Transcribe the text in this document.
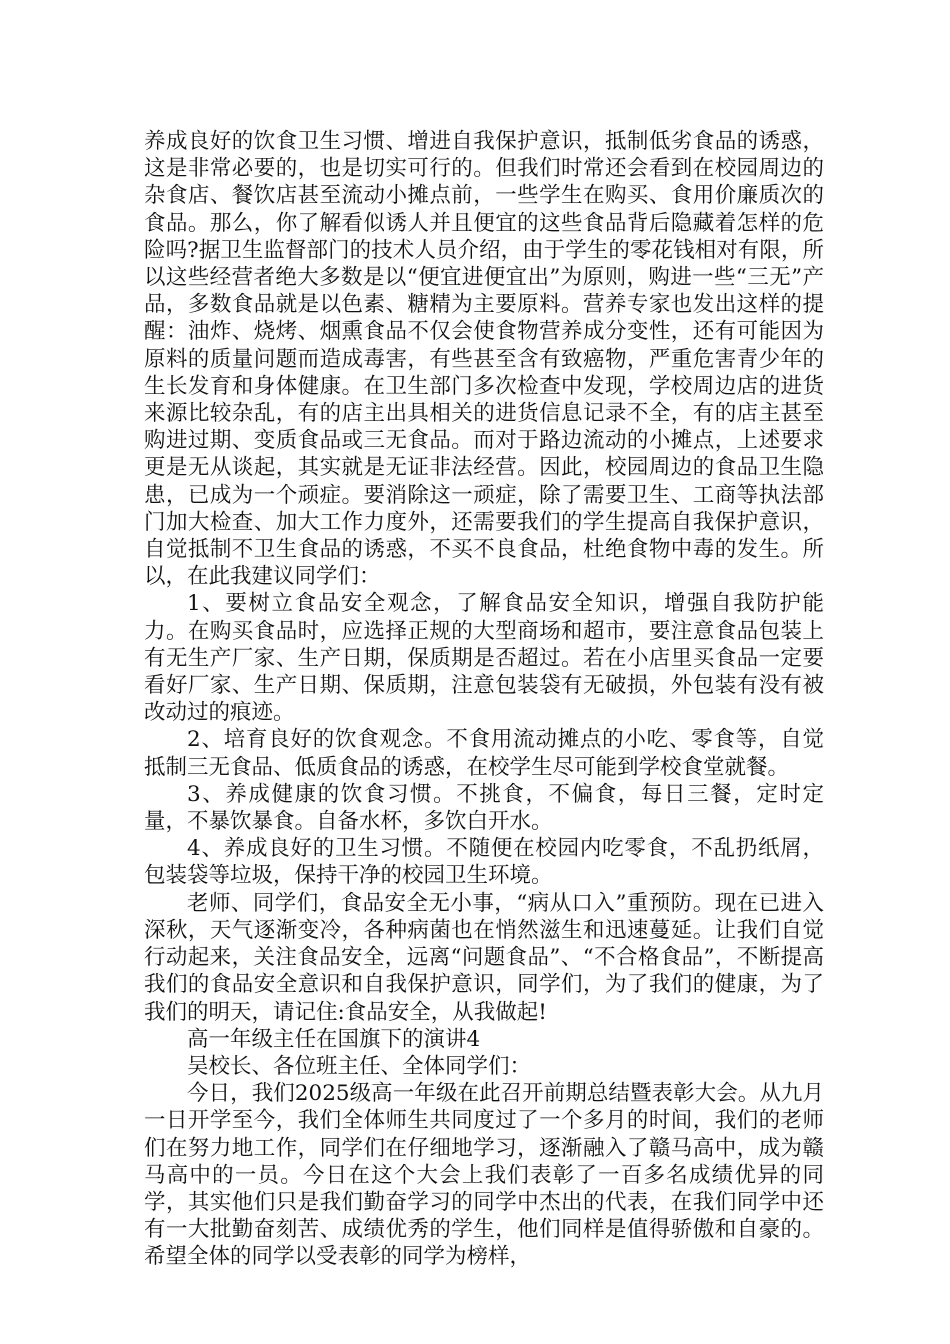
养成良好的饮食卫生习惯、增进自我保护意识，抵制低劣食品的诱惑，这是非常必要的，也是切实可行的。但我们时常还会看到在校园周边的杂食店、餐饮店甚至流动小摊点前，一些学生在购买、食用价廉质次的食品。那么，你了解看似诱人并且便宜的这些食品背后隐藏着怎样的危险吗?据卫生监督部门的技术人员介绍，由于学生的零花钱相对有限，所以这些经营者绝大多数是以“便宜进便宜出”为原则，购进一些“三无”产品，多数食品就是以色素、糖精为主要原料。营养专家也发出这样的提醒：油炸、烧烤、烟熏食品不仅会使食物营养成分变性，还有可能因为原料的质量问题而造成毒害，有些甚至含有致癌物，严重危害青少年的生长发育和身体健康。在卫生部门多次检查中发现，学校周边店的进货来源比较杂乱，有的店主出具相关的进货信息记录不全，有的店主甚至购进过期、变质食品或三无食品。而对于路边流动的小摊点，上述要求更是无从谈起，其实就是无证非法经营。因此，校园周边的食品卫生隐患，已成为一个顽症。要消除这一顽症，除了需要卫生、工商等执法部门加大检查、加大工作力度外，还需要我们的学生提高自我保护意识，自觉抵制不卫生食品的诱惑，不买不良食品，杜绝食物中毒的发生。所以，在此我建议同学们：

1、要树立食品安全观念，了解食品安全知识，增强自我防护能力。在购买食品时，应选择正规的大型商场和超市，要注意食品包装上有无生产厂家、生产日期，保质期是否超过。若在小店里买食品一定要看好厂家、生产日期、保质期，注意包装袋有无破损，外包装有没有被改动过的痕迹。

2、培育良好的饮食观念。不食用流动摊点的小吃、零食等，自觉抵制三无食品、低质食品的诱惑，在校学生尽可能到学校食堂就餐。

3、养成健康的饮食习惯。不挑食，不偏食，每日三餐，定时定量，不暴饮暴食。自备水杯，多饮白开水。

4、养成良好的卫生习惯。不随便在校园内吃零食，不乱扔纸屑，包装袋等垃圾，保持干净的校园卫生环境。

老师、同学们，食品安全无小事，“病从口入”重预防。现在已进入深秋，天气逐渐变冷，各种病菌也在悄然滋生和迅速蔓延。让我们自觉行动起来，关注食品安全，远离“问题食品”、“不合格食品”，不断提高我们的食品安全意识和自我保护意识，同学们，为了我们的健康，为了我们的明天，请记住:食品安全，从我做起!

高一年级主任在国旗下的演讲4

吴校长、各位班主任、全体同学们：

今日，我们2025级高一年级在此召开前期总结暨表彰大会。从九月一日开学至今，我们全体师生共同度过了一个多月的时间，我们的老师们在努力地工作，同学们在仔细地学习，逐渐融入了赣马高中，成为赣马高中的一员。今日在这个大会上我们表彰了一百多名成绩优异的同学，其实他们只是我们勤奋学习的同学中杰出的代表，在我们同学中还有一大批勤奋刻苦、成绩优秀的学生，他们同样是值得骄傲和自豪的。希望全体的同学以受表彰的同学为榜样，
